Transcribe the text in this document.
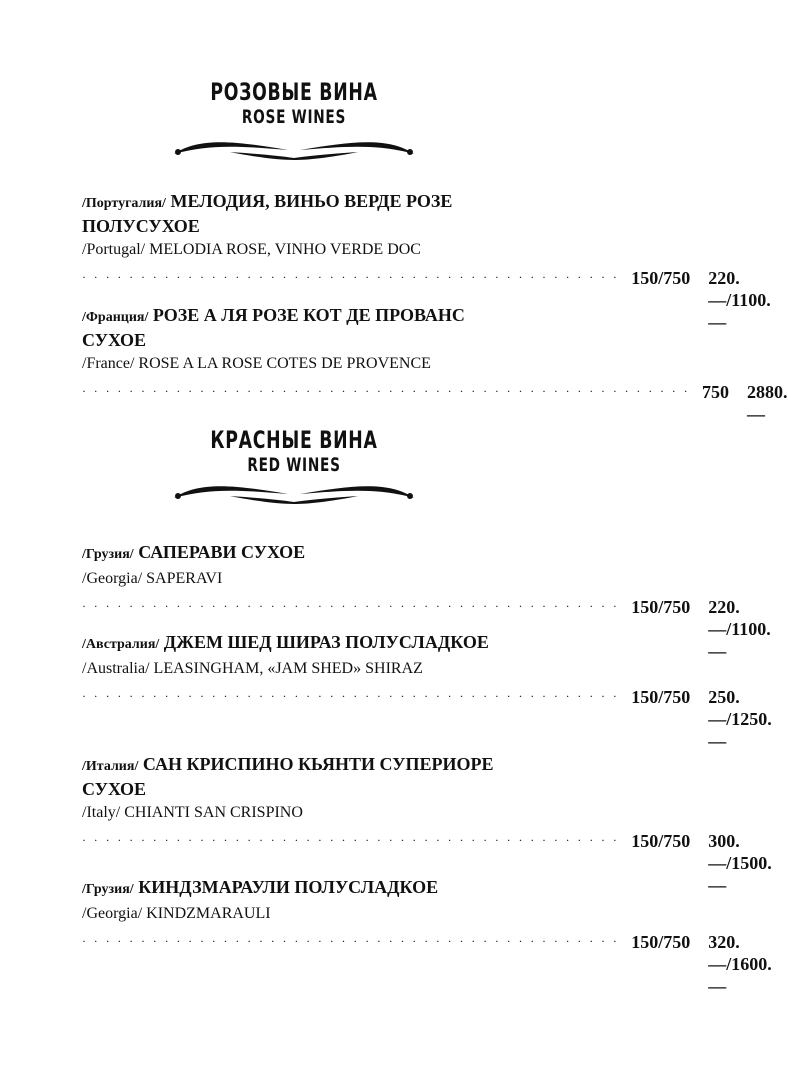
РОЗОВЫЕ ВИНА
ROSE WINES
/Португалия/ МЕЛОДИЯ, ВИНЬО ВЕРДЕ РОЗЕ ПОЛУСУХОЕ
/Portugal/ MELODIA ROSE, VINHO VERDE DOC
· · · · · · · · · · · · · · · · · · · · · · · · · · · · · · · · · · · · · · · · · · · · · · 150/750 220.—/1100.—
/Франция/ РОЗЕ А ЛЯ РОЗЕ КОТ ДЕ ПРОВАНС СУХОЕ
/France/ ROSE A LA ROSE COTES DE PROVENCE
· · · · · · · · · · · · · · · · · · · · · · · · · · · · · · · · · · · · · · · · · · · · · · · · · · · · 750 2880.—
КРАСНЫЕ ВИНА
RED WINES
/Грузия/ САПЕРАВИ СУХОЕ
/Georgia/ SAPERAVI
· · · · · · · · · · · · · · · · · · · · · · · · · · · · · · · · · · · · · · · · · · · · · · 150/750 220.—/1100.—
/Австралия/ ДЖЕМ ШЕД ШИРАЗ ПОЛУСЛАДКОЕ
/Australia/ LEASINGHAM, «JAM SHED» SHIRAZ
· · · · · · · · · · · · · · · · · · · · · · · · · · · · · · · · · · · · · · · · · · · · · · 150/750 250.—/1250.—
/Италия/ САН КРИСПИНО КЬЯНТИ СУПЕРИОРЕ СУХОЕ
/Italy/ CHIANTI SAN CRISPINO
· · · · · · · · · · · · · · · · · · · · · · · · · · · · · · · · · · · · · · · · · · · · · · 150/750 300.—/1500.—
/Грузия/ КИНДЗМАРАУЛИ ПОЛУСЛАДКОЕ
/Georgia/ KINDZMARAULI
· · · · · · · · · · · · · · · · · · · · · · · · · · · · · · · · · · · · · · · · · · · · · · 150/750 320.—/1600.—
